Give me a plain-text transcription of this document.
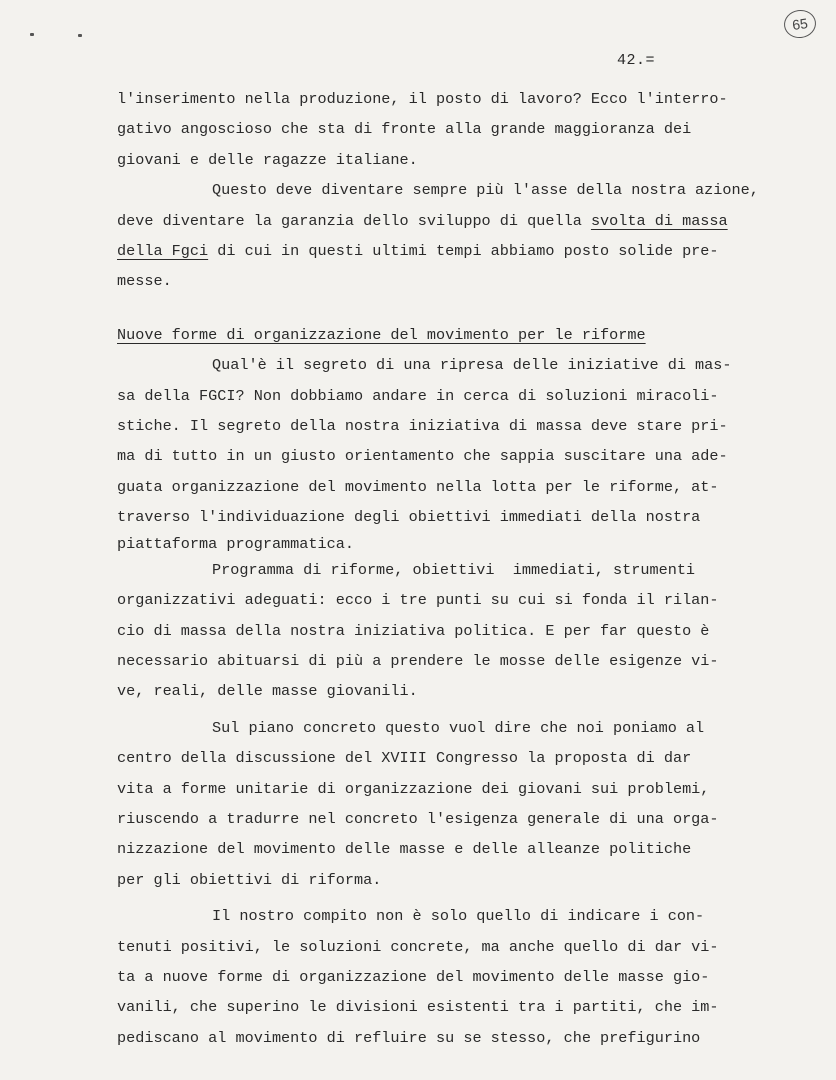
65
42.=
l'inserimento nella produzione, il posto di lavoro? Ecco l'interro-
gativo angoscioso che sta di fronte alla grande maggioranza dei
giovani e delle ragazze italiane.
Questo deve diventare sempre più l'asse della nostra azione,
deve diventare la garanzia dello sviluppo di quella svolta di massa
della Fgci di cui in questi ultimi tempi abbiamo posto solide pre-
messe.
Nuove forme di organizzazione del movimento per le riforme
Qual'è il segreto di una ripresa delle iniziative di mas-
sa della FGCI? Non dobbiamo andare in cerca di soluzioni miracoli-
stiche. Il segreto della nostra iniziativa di massa deve stare pri-
ma di tutto in un giusto orientamento che sappia suscitare una ade-
guata organizzazione del movimento nella lotta per le riforme, at-
traverso l'individuazione degli obiettivi immediati della nostra
piattaforma programmatica.
Programma di riforme, obiettivi  immediati, strumenti
organizzativi adeguati: ecco i tre punti su cui si fonda il rilan-
cio di massa della nostra iniziativa politica. E per far questo è
necessario abituarsi di più a prendere le mosse delle esigenze vi-
ve, reali, delle masse giovanili.
Sul piano concreto questo vuol dire che noi poniamo al
centro della discussione del XVIII Congresso la proposta di dar
vita a forme unitarie di organizzazione dei giovani sui problemi,
riuscendo a tradurre nel concreto l'esigenza generale di una orga-
nizzazione del movimento delle masse e delle alleanze politiche
per gli obiettivi di riforma.
Il nostro compito non è solo quello di indicare i con-
tenuti positivi, le soluzioni concrete, ma anche quello di dar vi-
ta a nuove forme di organizzazione del movimento delle masse gio-
vanili, che superino le divisioni esistenti tra i partiti, che im-
pediscano al movimento di refluire su se stesso, che prefigurino
